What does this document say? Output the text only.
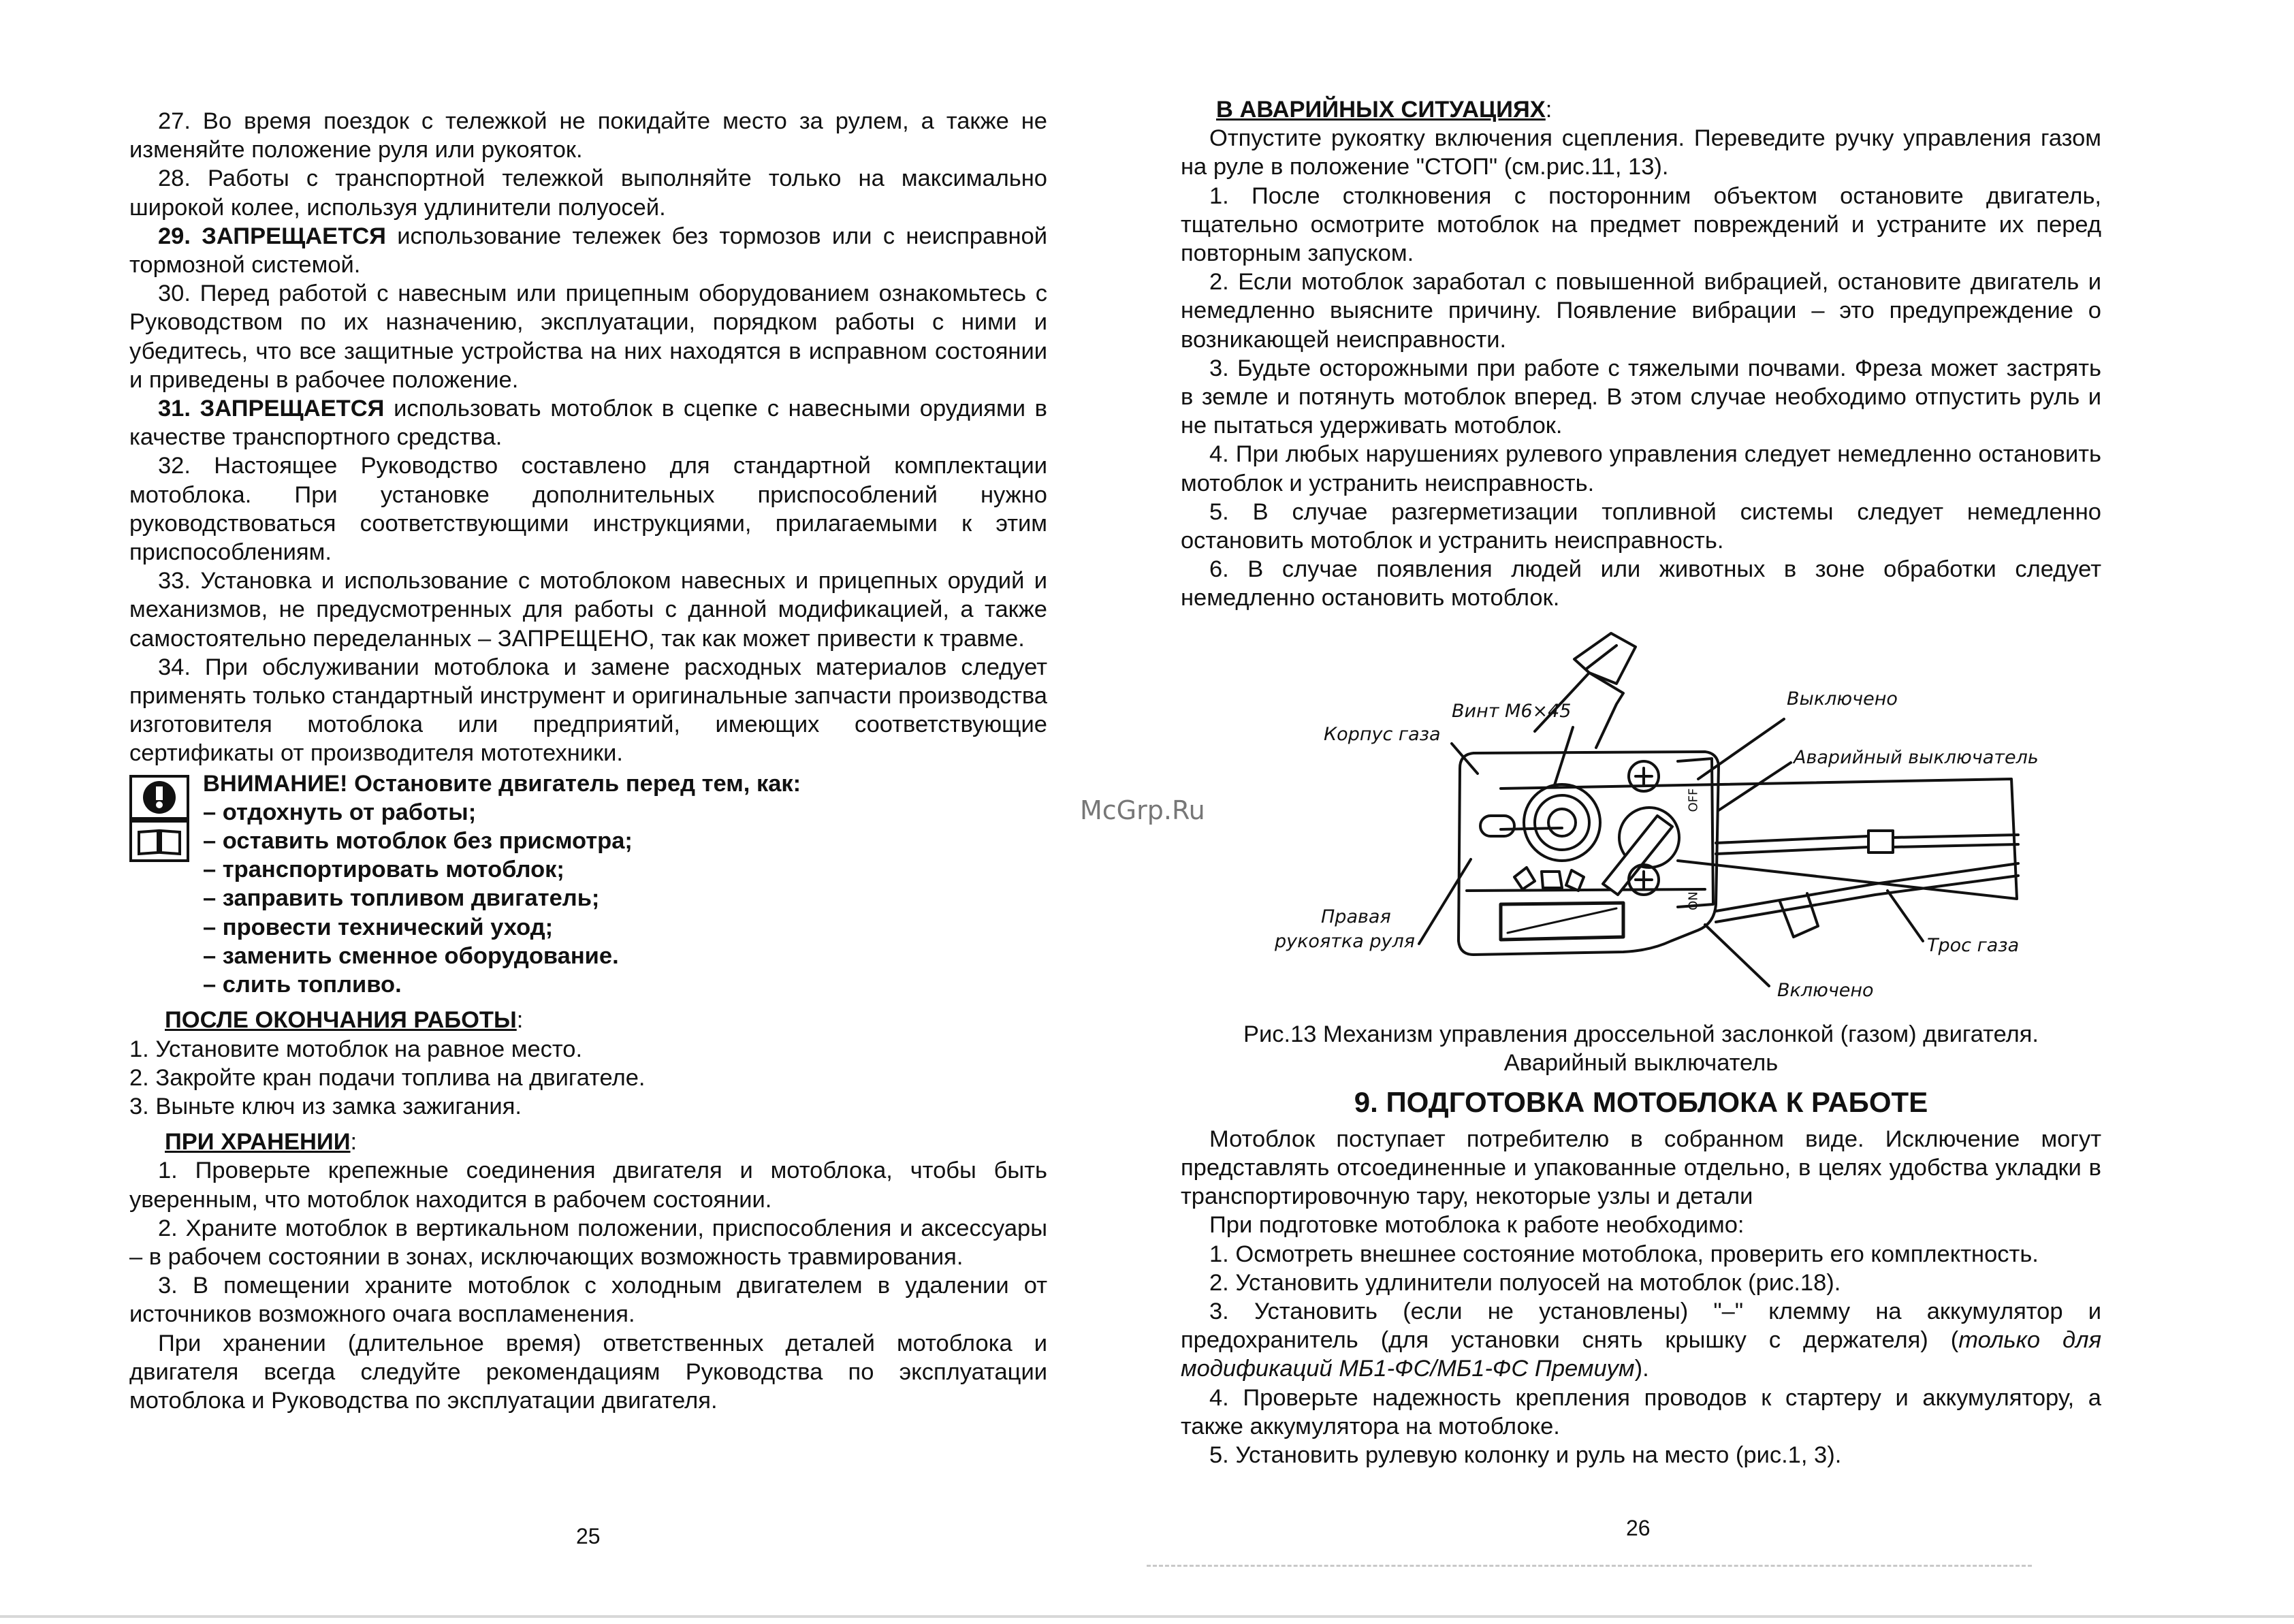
27. Во время поездок с тележкой не покидайте место за рулем, а также не изменяйте положение руля или рукояток.

28. Работы с транспортной тележкой выполняйте только на максимально широкой колее, используя удлинители полуосей.

29. ЗАПРЕЩАЕТСЯ использование тележек без тормозов или с неисправной тормозной системой.

30. Перед работой с навесным или прицепным оборудованием ознакомьтесь с Руководством по их назначению, эксплуатации, порядком работы с ними и убедитесь, что все защитные устройства на них находятся в исправном состоянии и приведены в рабочее положение.

31. ЗАПРЕЩАЕТСЯ использовать мотоблок в сцепке с навесными орудиями в качестве транспортного средства.

32. Настоящее Руководство составлено для стандартной комплектации мотоблока. При установке дополнительных приспособлений нужно руководствоваться соответствующими инструкциями, прилагаемыми к этим приспособлениям.

33. Установка и использование с мотоблоком навесных и прицепных орудий и механизмов, не предусмотренных для работы с данной модификацией, а также самостоятельно переделанных – ЗАПРЕЩЕНО, так как может привести к травме.

34. При обслуживании мотоблока и замене расходных материалов следует применять только стандартный инструмент и оригинальные запчасти производства изготовителя мотоблока или предприятий, имеющих соответствующие сертификаты от производителя мототехники.

ВНИМАНИЕ! Остановите двигатель перед тем, как:

– отдохнуть от работы;

– оставить мотоблок без присмотра;

– транспортировать мотоблок;

– заправить топливом двигатель;

– провести технический уход;

– заменить сменное оборудование.

– слить топливо.

ПОСЛЕ ОКОНЧАНИЯ РАБОТЫ:

1. Установите мотоблок на равное место.

2. Закройте кран подачи топлива на двигателе.

3. Выньте ключ из замка зажигания.

ПРИ ХРАНЕНИИ:

1. Проверьте крепежные соединения двигателя и мотоблока, чтобы быть уверенным, что мотоблок находится в рабочем состоянии.

2. Храните мотоблок в вертикальном положении, приспособления и аксессуары – в рабочем состоянии в зонах, исключающих возможность травмирования.

3. В помещении храните мотоблок с холодным двигателем в удалении от источников возможного очага воспламенения.

При хранении (длительное время) ответственных деталей мотоблока и двигателя всегда следуйте рекомендациям Руководства по эксплуатации мотоблока и Руководства по эксплуатации двигателя.

25

В АВАРИЙНЫХ СИТУАЦИЯХ:

Отпустите рукоятку включения сцепления. Переведите ручку управления газом на руле в положение "СТОП" (см.рис.11, 13).

1. После столкновения с посторонним объектом остановите двигатель, тщательно осмотрите мотоблок на предмет повреждений и устраните их перед повторным запуском.

2. Если мотоблок заработал с повышенной вибрацией, остановите двигатель и немедленно выясните причину. Появление вибрации – это предупреждение о возникающей неисправности.

3. Будьте осторожными при работе с тяжелыми почвами. Фреза может застрять в земле и потянуть мотоблок вперед. В этом случае необходимо отпустить руль и не пытаться удерживать мотоблок.

4. При любых нарушениях рулевого управления следует немедленно остановить мотоблок и устранить неисправность.

5. В случае разгерметизации топливной системы следует немедленно остановить мотоблок и устранить неисправность.

6. В случае появления людей или животных в зоне обработки следует немедленно остановить мотоблок.

Корпус газа
Винт М6×45
Выключено
Аварийный выключатель
Правая
рукоятка руля	Трос газа
Включено
OFF
ON

Рис.13 Механизм управления дроссельной заслонкой (газом) двигателя.

Аварийный выключатель

9. ПОДГОТОВКА МОТОБЛОКА К РАБОТЕ

Мотоблок поступает потребителю в собранном виде. Исключение могут представлять отсоединенные и упакованные отдельно, в целях удобства укладки в транспортировочную тару, некоторые узлы и детали

При подготовке мотоблока к работе необходимо:

1. Осмотреть внешнее состояние мотоблока, проверить его комплектность.

2. Установить удлинители полуосей на мотоблок (рис.18).

3. Установить (если не установлены) "–" клемму на аккумулятор и предохранитель (для установки снять крышку с держателя) (только для модификаций МБ1-ФС/МБ1-ФС Премиум).

4. Проверьте надежность крепления проводов к стартеру и аккумулятору, а также аккумулятора на мотоблоке.

5. Установить рулевую колонку и руль на место (рис.1, 3).

26
McGrp.Ru
